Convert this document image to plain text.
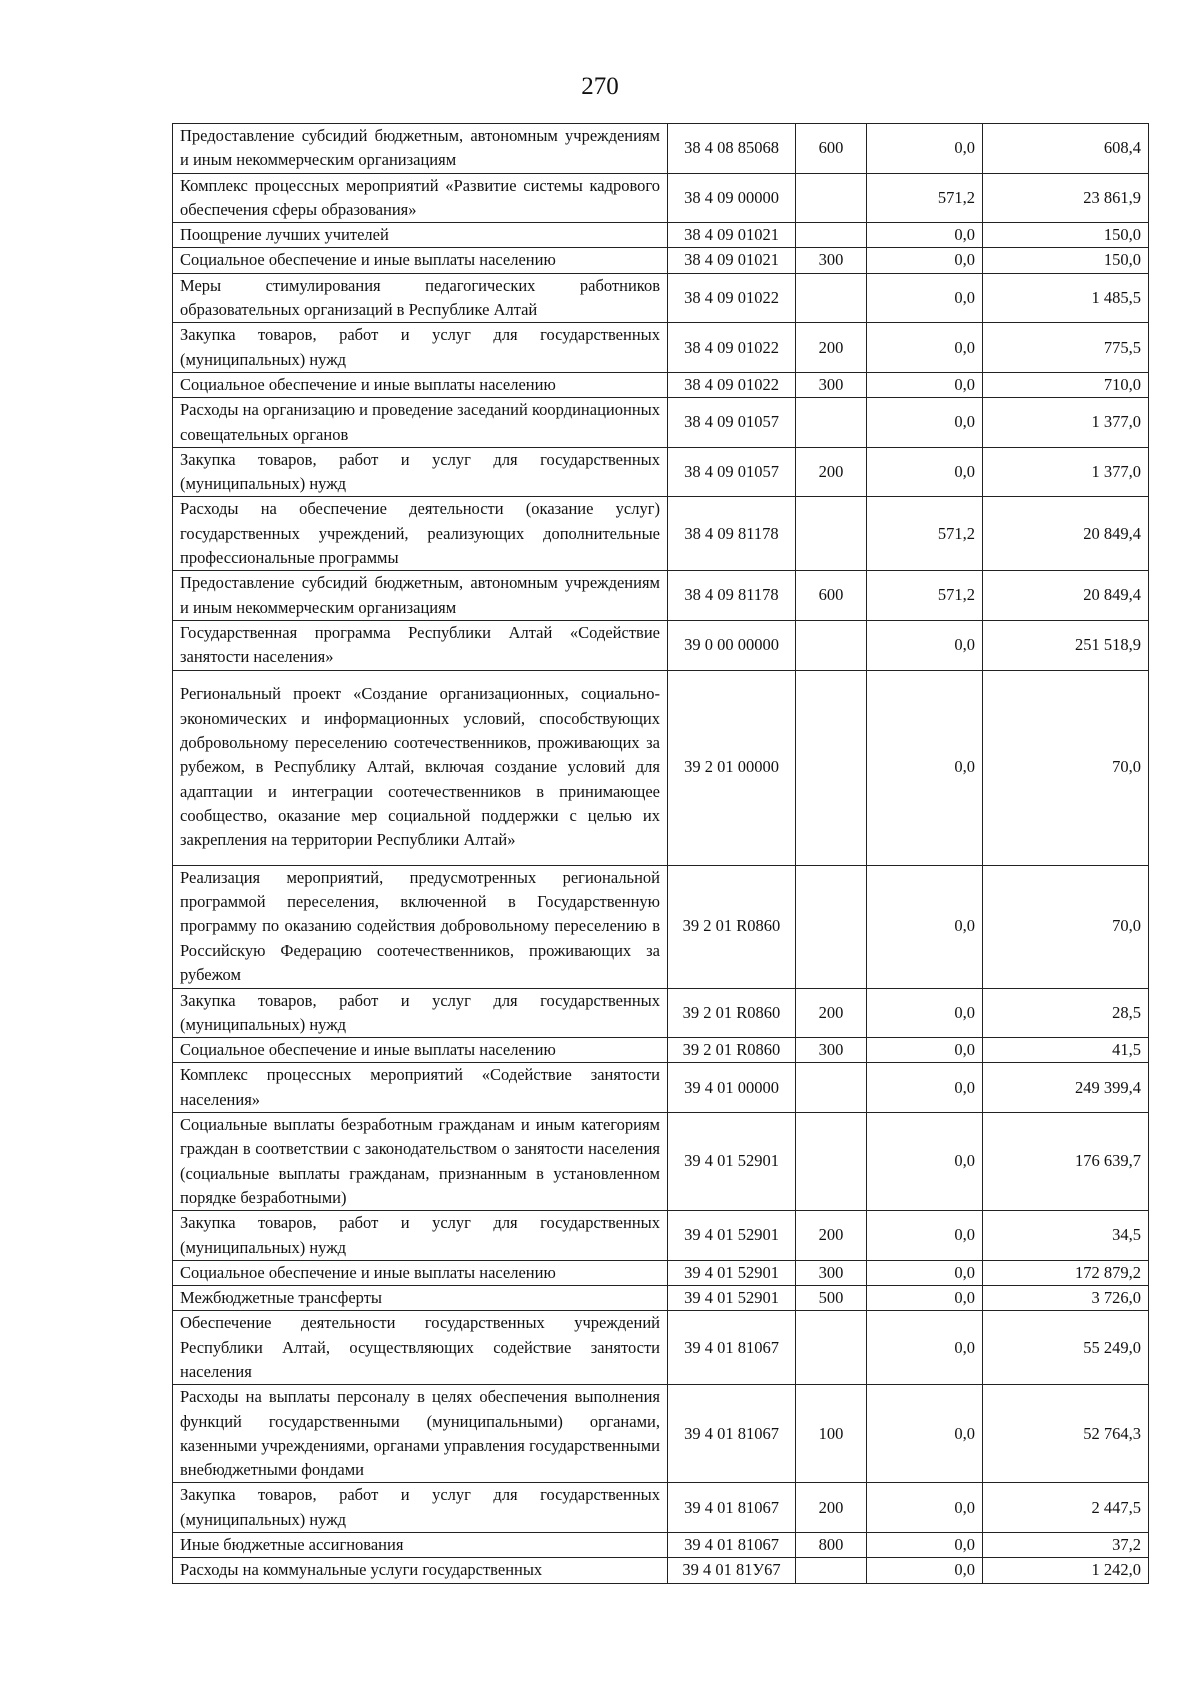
270
Предоставление субсидий бюджетным, автономным учреждениям и иным некоммерческим организациям	38 4 08 85068	600	0,0	608,4
Комплекс процессных мероприятий «Развитие системы кадрового обеспечения сферы образования»	38 4 09 00000		571,2	23 861,9
Поощрение лучших учителей	38 4 09 01021		0,0	150,0
Социальное обеспечение и иные выплаты населению	38 4 09 01021	300	0,0	150,0
Меры стимулирования педагогических работников образовательных организаций в Республике Алтай	38 4 09 01022		0,0	1 485,5
Закупка товаров, работ и услуг для государственных (муниципальных) нужд	38 4 09 01022	200	0,0	775,5
Социальное обеспечение и иные выплаты населению	38 4 09 01022	300	0,0	710,0
Расходы на организацию и проведение заседаний координационных совещательных органов	38 4 09 01057		0,0	1 377,0
Закупка товаров, работ и услуг для государственных (муниципальных) нужд	38 4 09 01057	200	0,0	1 377,0
Расходы на обеспечение деятельности (оказание услуг) государственных учреждений, реализующих дополнительные профессиональные программы	38 4 09 81178		571,2	20 849,4
Предоставление субсидий бюджетным, автономным учреждениям и иным некоммерческим организациям	38 4 09 81178	600	571,2	20 849,4
Государственная программа Республики Алтай «Содействие занятости населения»	39 0 00 00000		0,0	251 518,9
Региональный проект «Создание организационных, социально-экономических и информационных условий, способствующих добровольному переселению соотечественников, проживающих за рубежом, в Республику Алтай, включая создание условий для адаптации и интеграции соотечественников в принимающее сообщество, оказание мер социальной поддержки с целью их закрепления на территории Республики Алтай»	39 2 01 00000		0,0	70,0
Реализация мероприятий, предусмотренных региональной программой переселения, включенной в Государственную программу по оказанию содействия добровольному переселению в Российскую Федерацию соотечественников, проживающих за рубежом	39 2 01 R0860		0,0	70,0
Закупка товаров, работ и услуг для государственных (муниципальных) нужд	39 2 01 R0860	200	0,0	28,5
Социальное обеспечение и иные выплаты населению	39 2 01 R0860	300	0,0	41,5
Комплекс процессных мероприятий «Содействие занятости населения»	39 4 01 00000		0,0	249 399,4
Социальные выплаты безработным гражданам и иным категориям граждан в соответствии с законодательством о занятости населения (социальные выплаты гражданам, признанным в установленном порядке безработными)	39 4 01 52901		0,0	176 639,7
Закупка товаров, работ и услуг для государственных (муниципальных) нужд	39 4 01 52901	200	0,0	34,5
Социальное обеспечение и иные выплаты населению	39 4 01 52901	300	0,0	172 879,2
Межбюджетные трансферты	39 4 01 52901	500	0,0	3 726,0
Обеспечение деятельности государственных учреждений Республики Алтай, осуществляющих содействие занятости населения	39 4 01 81067		0,0	55 249,0
Расходы на выплаты персоналу в целях обеспечения выполнения функций государственными (муниципальными) органами, казенными учреждениями, органами управления государственными внебюджетными фондами	39 4 01 81067	100	0,0	52 764,3
Закупка товаров, работ и услуг для государственных (муниципальных) нужд	39 4 01 81067	200	0,0	2 447,5
Иные бюджетные ассигнования	39 4 01 81067	800	0,0	37,2
Расходы на коммунальные услуги государственных	39 4 01 81У67		0,0	1 242,0
